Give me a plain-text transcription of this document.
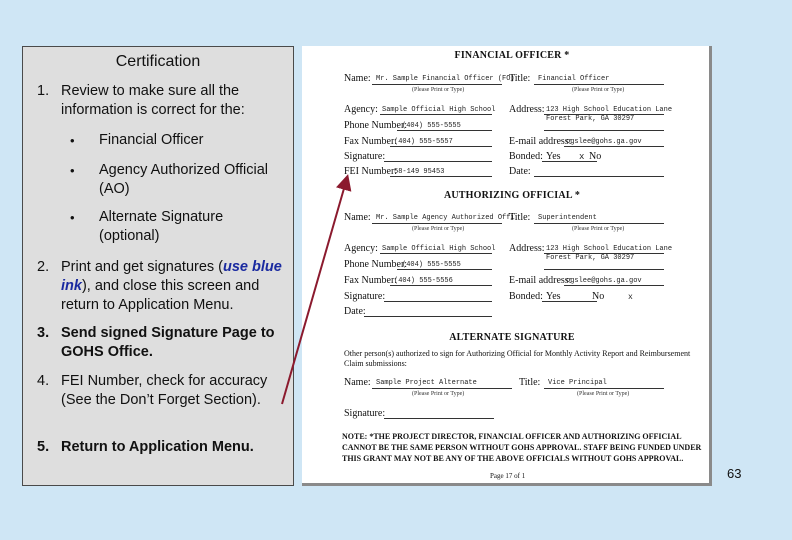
Certification
1. Review to make sure all the information is correct for the:
• Financial Officer
• Agency Authorized Official (AO)
• Alternate Signature (optional)
2. Print and get signatures (use blue ink), and close this screen and return to Application Menu.
3. Send signed Signature Page to GOHS Office.
4. FEI Number, check for accuracy (See the Don’t Forget Section).
5. Return to Application Menu.
FINANCIAL OFFICER *
Name: Mr. Sample Financial Officer (FO)
(Please Print or Type)
Title: Financial Officer
(Please Print or Type)
Agency: Sample Official High School Address: 123 High School Education Lane
Forest Park, GA 30297
Phone Number:
(404) 555-5555
Fax Number:
(404) 555-5557	E-mail address:
ogslee@gohs.ga.gov
Signature:	Bonded: Yes x No
FEI Number:
58-149 95453	Date:
AUTHORIZING OFFICIAL *
Name: Mr. Sample Agency Authorized Offi
(Please Print or Type)
Title: Superintendent
(Please Print or Type)
Agency: Sample Official High School Address: 123 High School Education Lane
Forest Park, GA 30297
Phone Number:
(404) 555-5555
Fax Number:
(404) 555-5556	E-mail address:
ogslee@gohs.ga.gov
Signature:	Bonded: Yes	No	x
Date:
ALTERNATE SIGNATURE
Other person(s) authorized to sign for Authorizing Official for Monthly Activity Report and Reimbursement Claim submissions:
Name: Sample Project Alternate
(Please Print or Type)
Title: Vice Principal
(Please Print or Type)
Signature:
NOTE: *THE PROJECT DIRECTOR, FINANCIAL OFFICER AND AUTHORIZING OFFICIAL CANNOT BE THE SAME PERSON WITHOUT GOHS APPROVAL. STAFF BEING FUNDED UNDER THIS GRANT MAY NOT BE ANY OF THE ABOVE OFFICIALS WITHOUT GOHS APPROVAL.
Page 17 of 1	63
